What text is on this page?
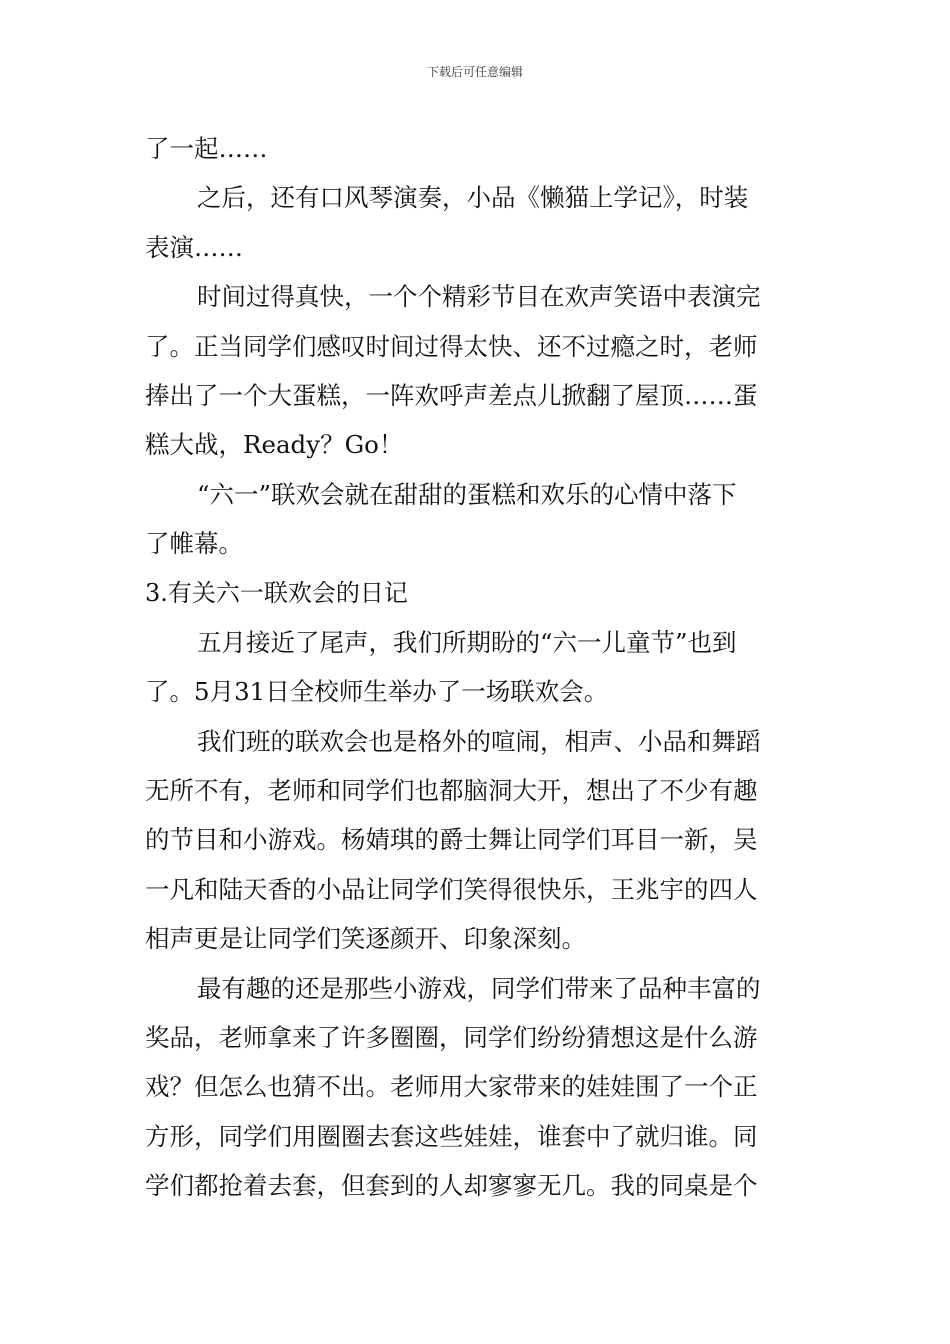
下载后可任意编辑
了一起……
之后，还有口风琴演奏，小品《懒猫上学记》，时装
表演……
时间过得真快，一个个精彩节目在欢声笑语中表演完
了。正当同学们感叹时间过得太快、还不过瘾之时，老师
捧出了一个大蛋糕，一阵欢呼声差点儿掀翻了屋顶……蛋
糕大战，Ready？Go！
“六一”联欢会就在甜甜的蛋糕和欢乐的心情中落下
了帷幕。
3.有关六一联欢会的日记
五月接近了尾声，我们所期盼的“六一儿童节”也到
了。5月31日全校师生举办了一场联欢会。
我们班的联欢会也是格外的喧闹，相声、小品和舞蹈
无所不有，老师和同学们也都脑洞大开，想出了不少有趣
的节目和小游戏。杨婧琪的爵士舞让同学们耳目一新，吴
一凡和陆天香的小品让同学们笑得很快乐，王兆宇的四人
相声更是让同学们笑逐颜开、印象深刻。
最有趣的还是那些小游戏，同学们带来了品种丰富的
奖品，老师拿来了许多圈圈，同学们纷纷猜想这是什么游
戏？但怎么也猜不出。老师用大家带来的娃娃围了一个正
方形，同学们用圈圈去套这些娃娃，谁套中了就归谁。同
学们都抢着去套，但套到的人却寥寥无几。我的同桌是个
